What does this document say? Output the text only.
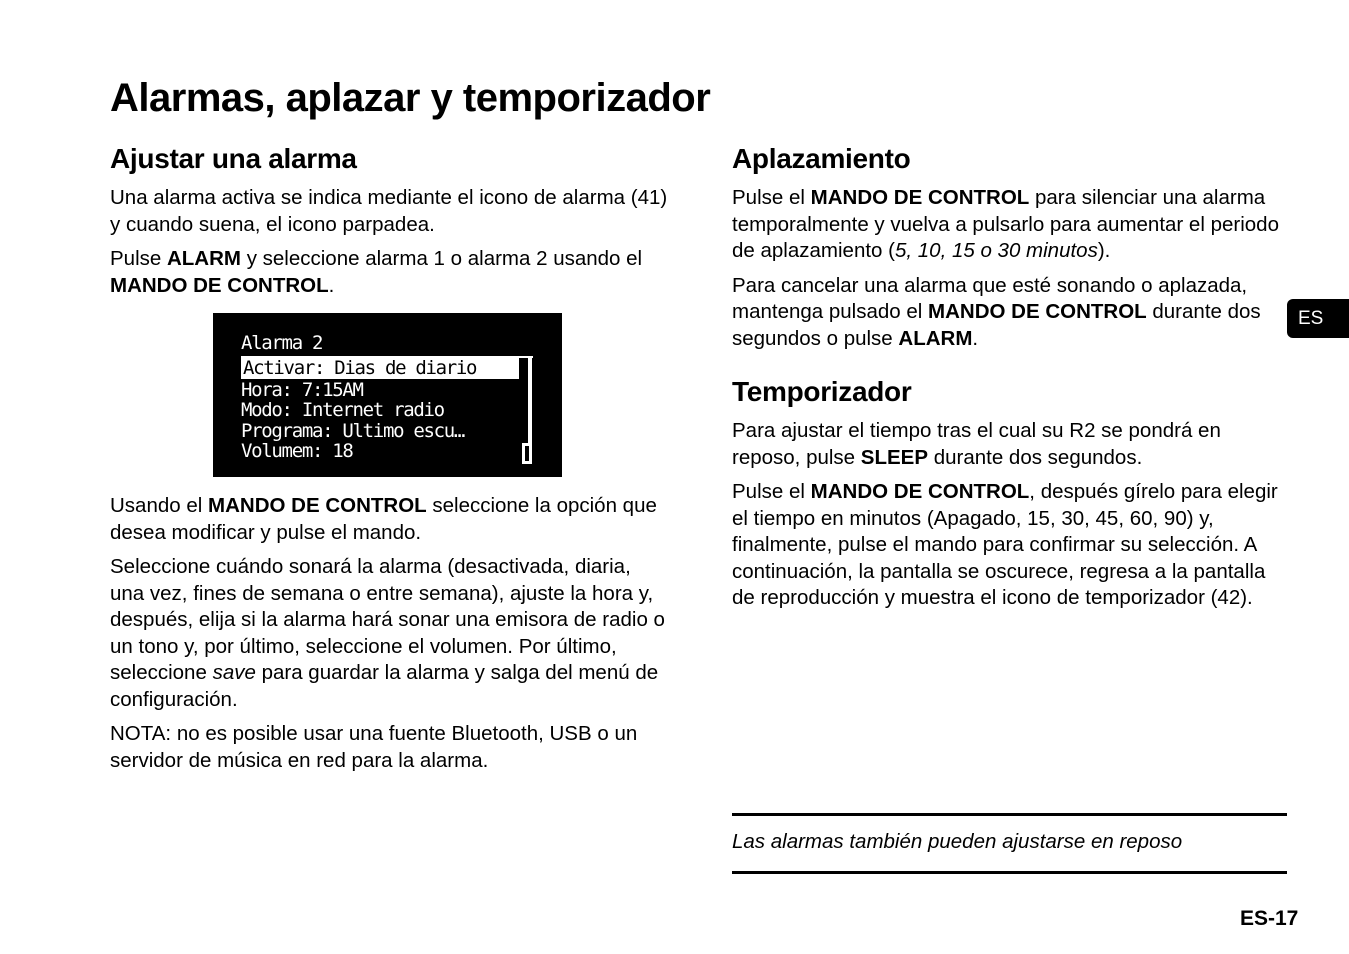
Alarmas, aplazar y temporizador
Ajustar una alarma

Una alarma activa se indica mediante el icono de alarma (41) y cuando suena, el icono parpadea.

Pulse ALARM y seleccione alarma 1 o alarma 2 usando el MANDO DE CONTROL.

Alarma 2
Activar: Dias de diario
Hora: 7:15AM
Modo: Internet radio
Programa: Ultimo escu…
Volumem: 18

Usando el MANDO DE CONTROL seleccione la opción que desea modificar y pulse el mando.

Seleccione cuándo sonará la alarma (desactivada, diaria, una vez, fines de semana o entre semana), ajuste la hora y, después, elija si la alarma hará sonar una emisora de radio o un tono y, por último, seleccione el volumen. Por último, seleccione save para guardar la alarma y salga del menú de configuración.

NOTA: no es posible usar una fuente Bluetooth, USB o un servidor de música en red para la alarma.

Aplazamiento

Pulse el MANDO DE CONTROL para silenciar una alarma temporalmente y vuelva a pulsarlo para aumentar el periodo de aplazamiento (5, 10, 15 o 30 minutos).

Para cancelar una alarma que esté sonando o aplazada, mantenga pulsado el MANDO DE CONTROL durante dos segundos o pulse ALARM.

Temporizador

Para ajustar el tiempo tras el cual su R2 se pondrá en reposo, pulse SLEEP durante dos segundos.

Pulse el MANDO DE CONTROL, después gírelo para elegir el tiempo en minutos (Apagado, 15, 30, 45, 60, 90) y, finalmente, pulse el mando para confirmar su selección. A continuación, la pantalla se oscurece, regresa a la pantalla de reproducción y muestra el icono de temporizador (42).

Las alarmas también pueden ajustarse en reposo
ES
ES-17
